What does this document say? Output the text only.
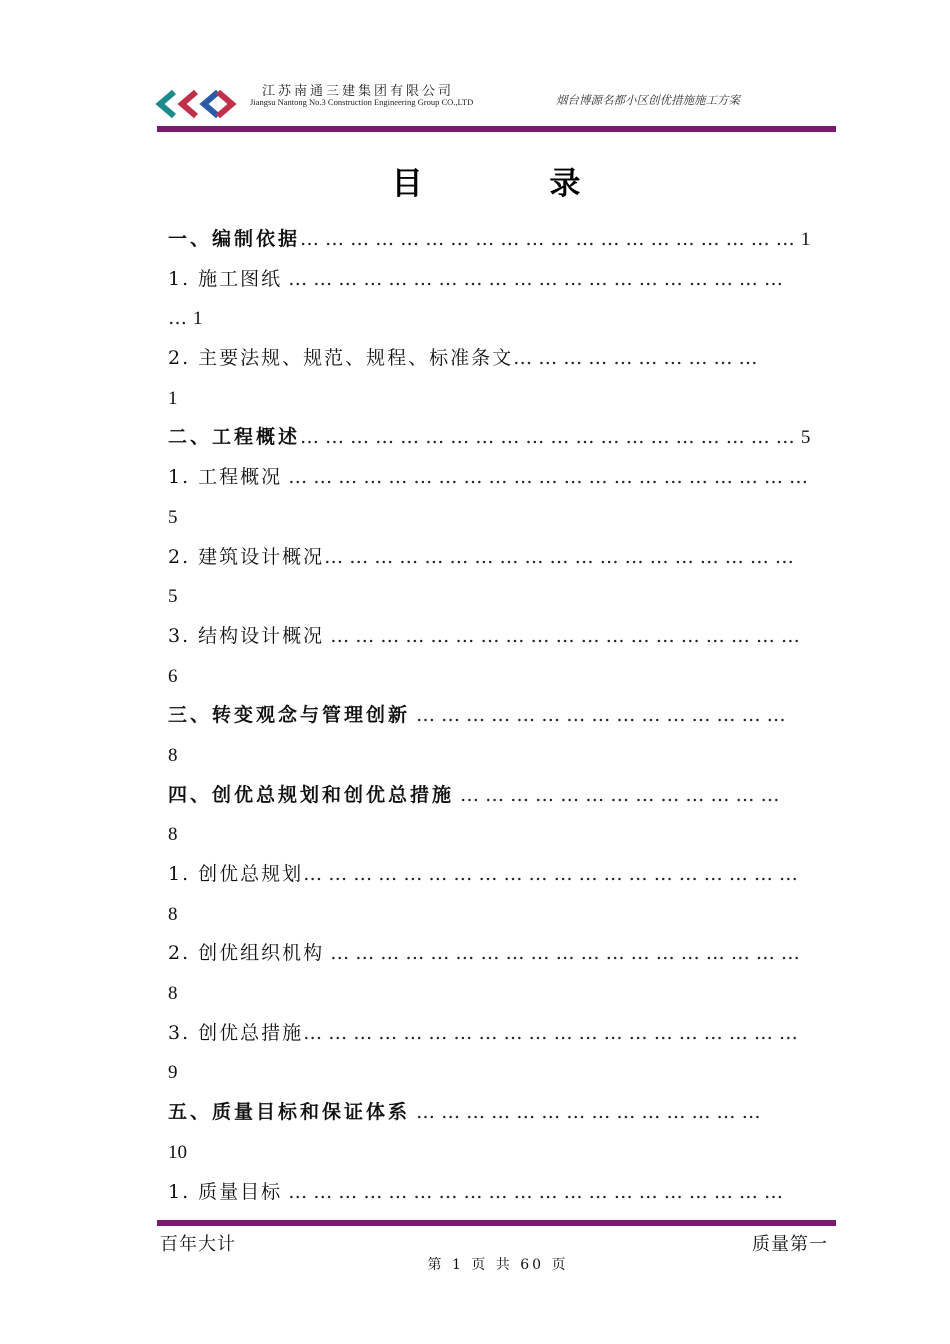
江苏南通三建集团有限公司
Jiangsu Nantong No.3 Construction Engineering Group CO.,LTD	烟台博源名都小区创优措施施工方案
目 录
一、编制依据… … … … … … … … … … … … … … … … … … … … 1
1. 施工图纸 … … … … … … … … … … … … … … … … … … … …
… 1
2. 主要法规、规范、规程、标准条文… … … … … … … … … …
1
二、工程概述… … … … … … … … … … … … … … … … … … … … 5
1. 工程概况 … … … … … … … … … … … … … … … … … … … … …
5
2. 建筑设计概况… … … … … … … … … … … … … … … … … … …
5
3. 结构设计概况 … … … … … … … … … … … … … … … … … … …
6
三、转变观念与管理创新 … … … … … … … … … … … … … … …
8
四、创优总规划和创优总措施 … … … … … … … … … … … … …
8
1. 创优总规划… … … … … … … … … … … … … … … … … … … …
8
2. 创优组织机构 … … … … … … … … … … … … … … … … … … …
8
3. 创优总措施… … … … … … … … … … … … … … … … … … … …
9
五、质量目标和保证体系 … … … … … … … … … … … … … …
10
1. 质量目标 … … … … … … … … … … … … … … … … … … … …
百年大计	质量第一
第 1 页 共 60 页
